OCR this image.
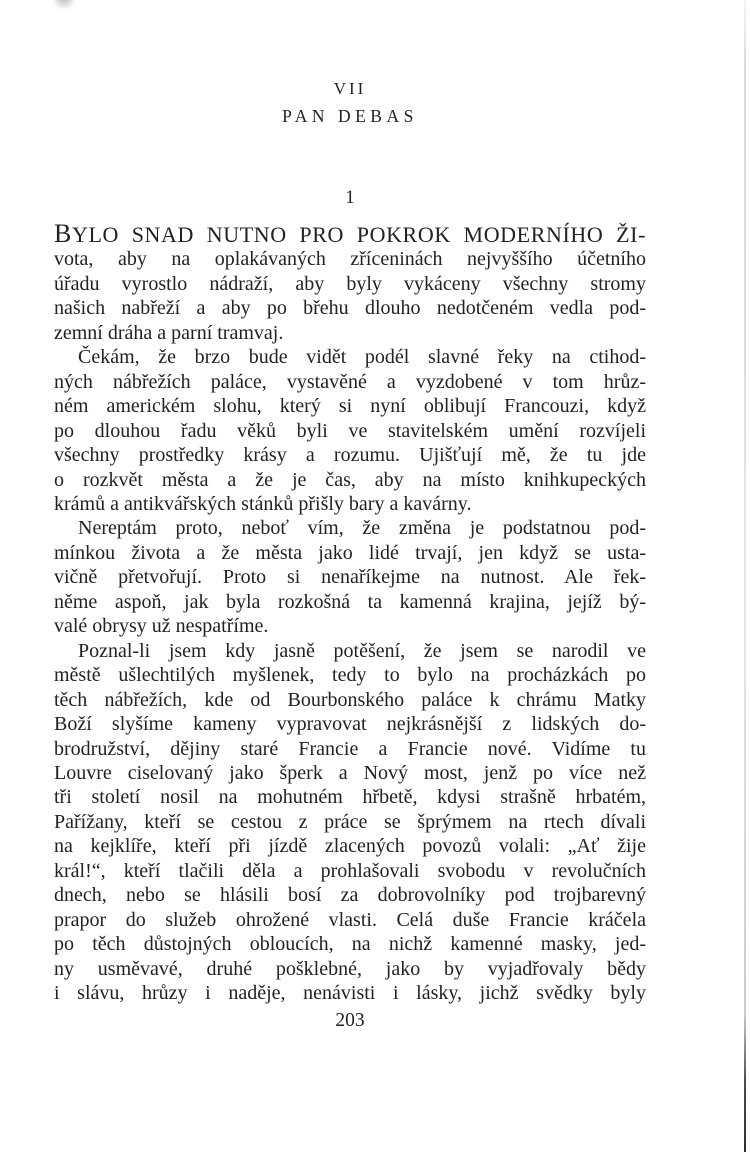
VII
PAN DEBAS
1
BYLO SNAD NUTNO PRO POKROK MODERNÍHO ŽI-
vota, aby na oplakávaných zříceninách nejvyššího účetního
úřadu vyrostlo nádraží, aby byly vykáceny všechny stromy
našich nabřeží a aby po břehu dlouho nedotčeném vedla pod-
zemní dráha a parní tramvaj.
Čekám, že brzo bude vidět podél slavné řeky na ctihod-
ných nábřežích paláce, vystavěné a vyzdobené v tom hrůz-
ném americkém slohu, který si nyní oblibují Francouzi, když
po dlouhou řadu věků byli ve stavitelském umění rozvíjeli
všechny prostředky krásy a rozumu. Ujišťují mě, že tu jde
o rozkvět města a že je čas, aby na místo knihkupeckých
krámů a antikvářských stánků přišly bary a kavárny.
Nereptám proto, neboť vím, že změna je podstatnou pod-
mínkou života a že města jako lidé trvají, jen když se usta-
vičně přetvořují. Proto si nenaříkejme na nutnost. Ale řek-
něme aspoň, jak byla rozkošná ta kamenná krajina, jejíž bý-
valé obrysy už nespatříme.
Poznal-li jsem kdy jasně potěšení, že jsem se narodil ve
městě ušlechtilých myšlenek, tedy to bylo na procházkách po
těch nábřežích, kde od Bourbonského paláce k chrámu Matky
Boží slyšíme kameny vypravovat nejkrásnější z lidských do-
brodružství, dějiny staré Francie a Francie nové. Vidíme tu
Louvre ciselovaný jako šperk a Nový most, jenž po více než
tři století nosil na mohutném hřbetě, kdysi strašně hrbatém,
Pařížany, kteří se cestou z práce se šprýmem na rtech dívali
na kejklíře, kteří při jízdě zlacených povozů volali: „Ať žije
král!“, kteří tlačili děla a prohlašovali svobodu v revolučních
dnech, nebo se hlásili bosí za dobrovolníky pod trojbarevný
prapor do služeb ohrožené vlasti. Celá duše Francie kráčela
po těch důstojných obloucích, na nichž kamenné masky, jed-
ny usměvavé, druhé pošklebné, jako by vyjadřovaly bědy
i slávu, hrůzy i naděje, nenávisti i lásky, jichž svědky byly
203
